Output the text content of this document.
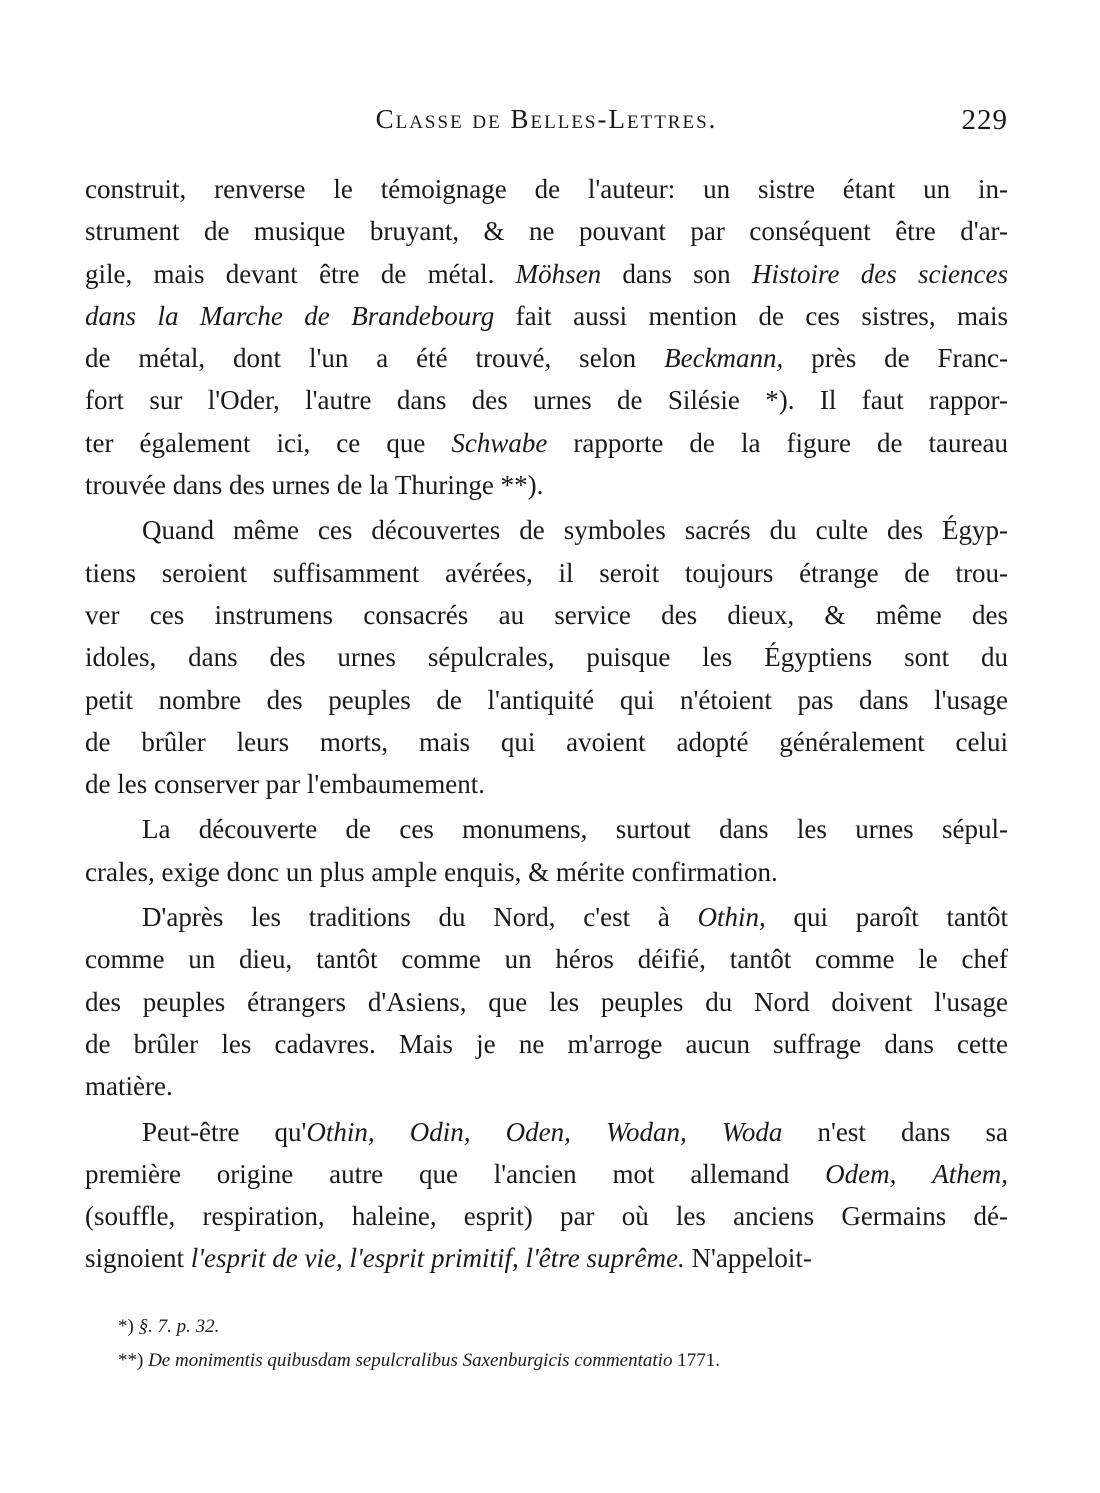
Classe de Belles-Lettres.	229
construit, renverse le témoignage de l'auteur: un sistre étant un in-
strument de musique bruyant, & ne pouvant par conséquent être d'ar-
gile, mais devant être de métal. Möhsen dans son Histoire des sciences
dans la Marche de Brandebourg fait aussi mention de ces sistres, mais
de métal, dont l'un a été trouvé, selon Beckmann, près de Franc-
fort sur l'Oder, l'autre dans des urnes de Silésie *). Il faut rappor-
ter également ici, ce que Schwabe rapporte de la figure de taureau
trouvée dans des urnes de la Thuringe **).
Quand même ces découvertes de symboles sacrés du culte des Égyp-
tiens seroient suffisamment avérées, il seroit toujours étrange de trou-
ver ces instrumens consacrés au service des dieux, & même des
idoles, dans des urnes sépulcrales, puisque les Égyptiens sont du
petit nombre des peuples de l'antiquité qui n'étoient pas dans l'usage
de brûler leurs morts, mais qui avoient adopté généralement celui
de les conserver par l'embaumement.
La découverte de ces monumens, surtout dans les urnes sépul-
crales, exige donc un plus ample enquis, & mérite confirmation.
D'après les traditions du Nord, c'est à Othin, qui paroît tantôt
comme un dieu, tantôt comme un héros déifié, tantôt comme le chef
des peuples étrangers d'Asiens, que les peuples du Nord doivent l'usage
de brûler les cadavres. Mais je ne m'arroge aucun suffrage dans cette
matière.
Peut-être qu'Othin, Odin, Oden, Wodan, Woda n'est dans sa
première origine autre que l'ancien mot allemand Odem, Athem,
(souffle, respiration, haleine, esprit) par où les anciens Germains dé-
signoient l'esprit de vie, l'esprit primitif, l'être suprême. N'appeloit-
*) §. 7. p. 32.
**) De monimentis quibusdam sepulcralibus Saxenburgicis commentatio 1771.
